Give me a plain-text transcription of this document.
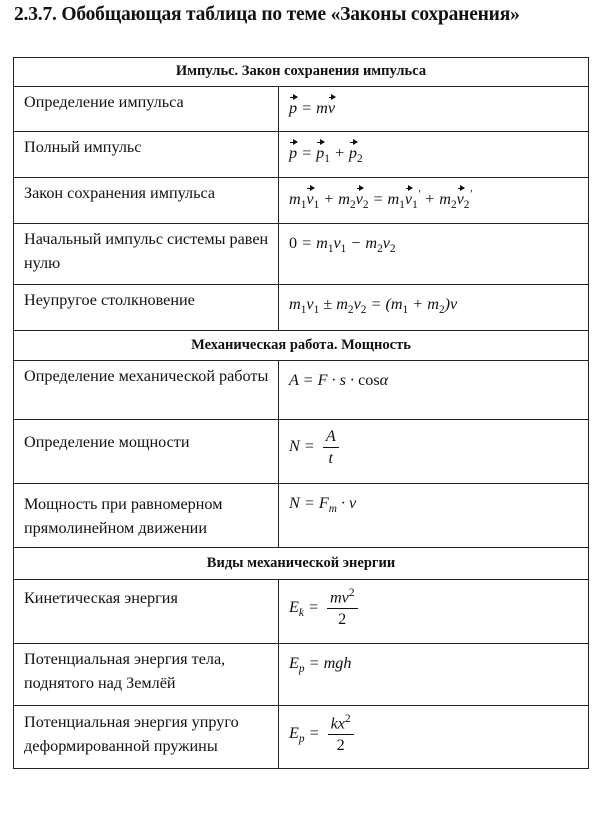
2.3.7. Обобщающая таблица по теме «Законы сохранения»
Импульс. Закон сохранения импульса	
Определение импульса	p = mv
Полный импульс	$p = p_1 + p_2$
Закон сохранения импульса	$m_1v_1 + m_2v_2 = m_1v_1' + m_2v_2'$
Начальный импульс системы равен нулю	$0 = m_1v_1 - m_2v_2$
Неупругое столкновение	$m_1v_1 \pm m_2v_2 = (m_1 + m_2)v$
Механическая работа. Мощность	
Определение механической работы	A = F · s · cosα
Определение мощности	$N = \frac{A}{t}$

Мощность при равномерном прямолинейном движении	$N = F_m \cdot v$
Виды механической энергии	
Кинетическая энергия	$E_k = \frac{mv^2}{2}$

Потенциальная энергия тела, поднятого над Землёй	$E_p$ = mgh
Потенциальная энергия упруго деформированной пружины	$E_p = \frac{kx^2}{2}$
